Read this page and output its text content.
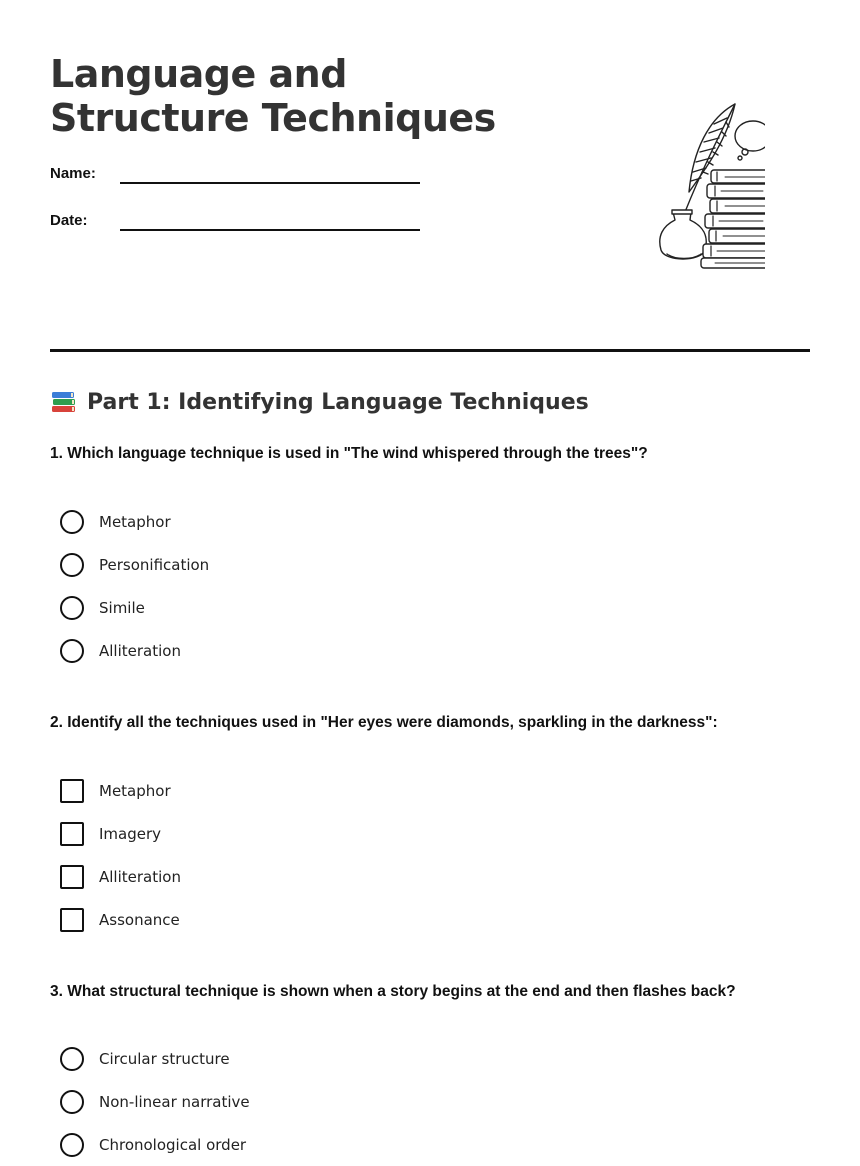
Language and Structure Techniques
Name:
Date:
Part 1: Identifying Language Techniques

1. Which language technique is used in "The wind whispered through the trees"?

Metaphor
Personification
Simile
Alliteration

2. Identify all the techniques used in "Her eyes were diamonds, sparkling in the darkness":

Metaphor
Imagery
Alliteration
Assonance

3. What structural technique is shown when a story begins at the end and then flashes back?

Circular structure
Non-linear narrative
Chronological order
